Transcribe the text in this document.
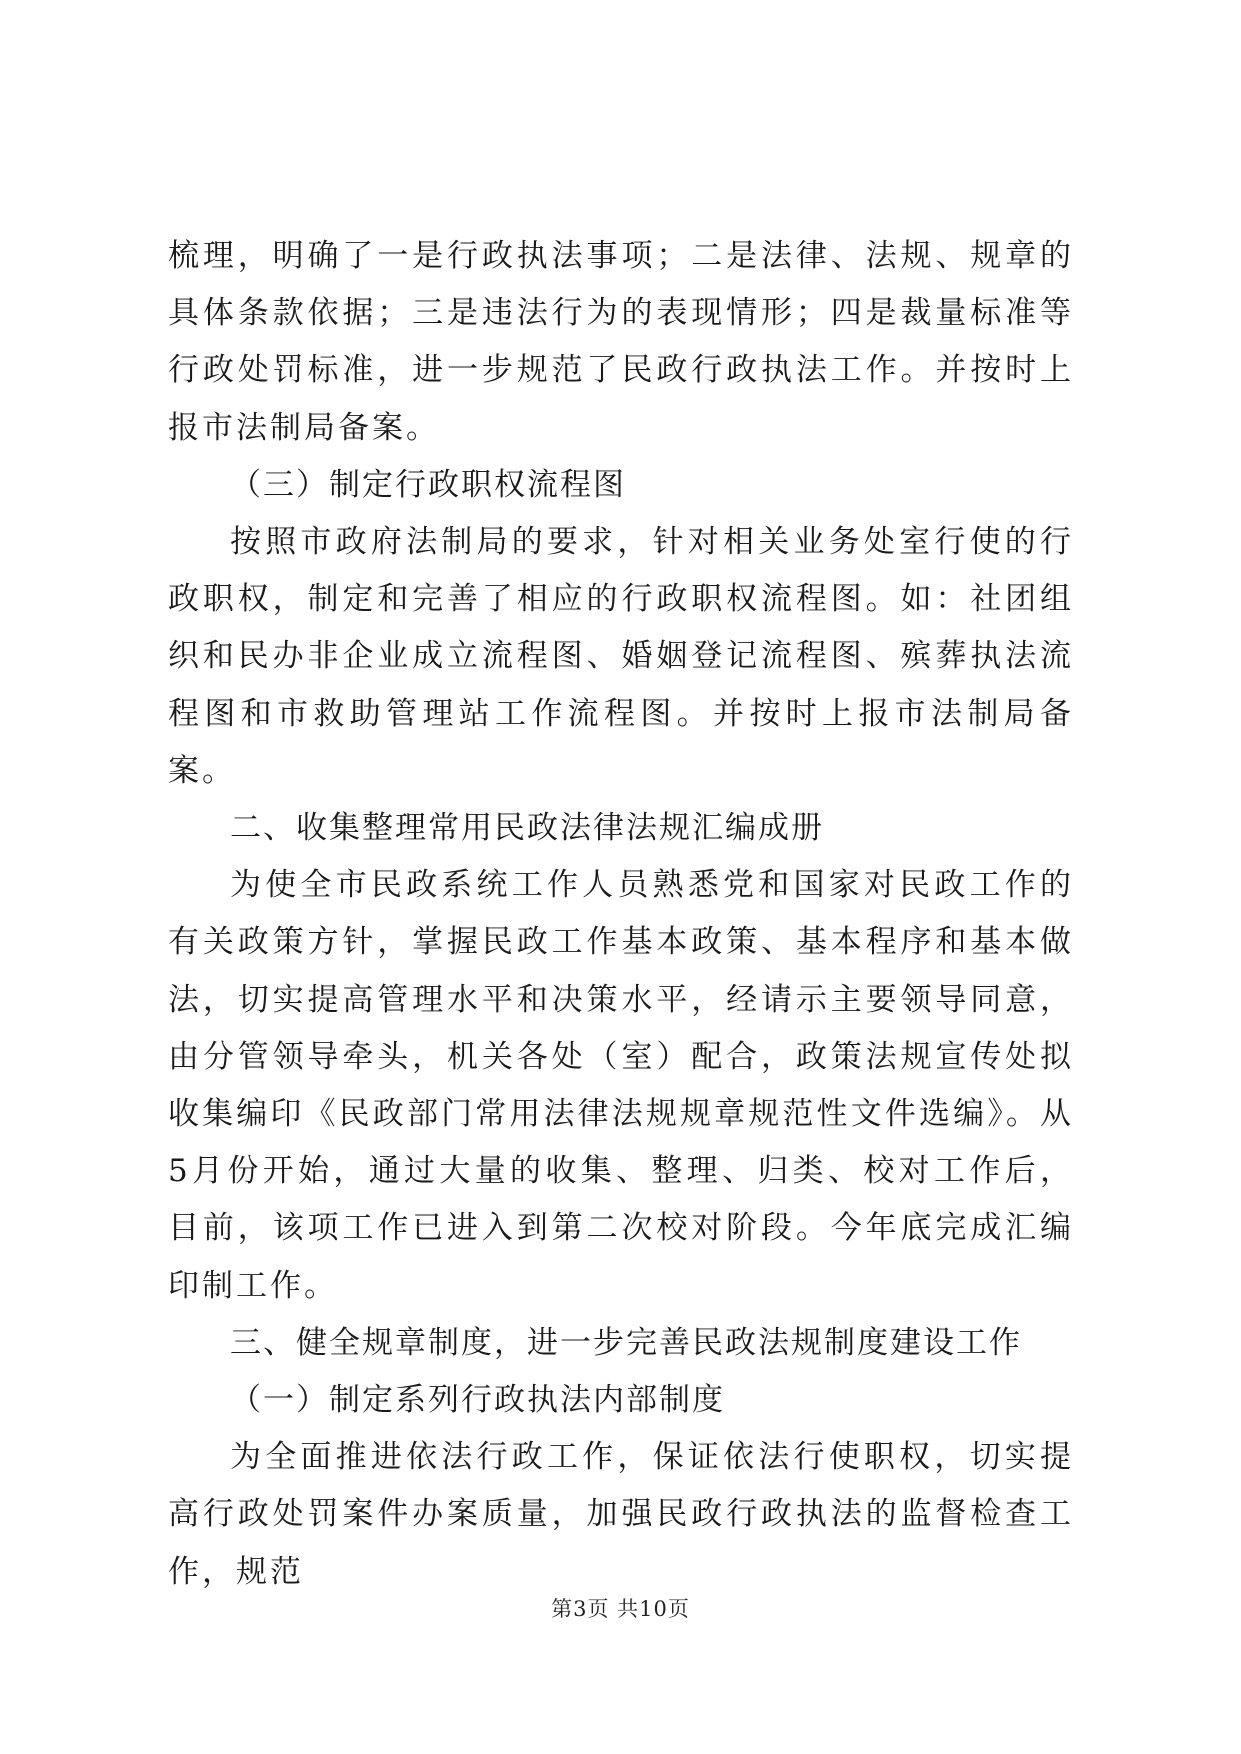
梳理，明确了一是行政执法事项；二是法律、法规、规章的具体条款依据；三是违法行为的表现情形；四是裁量标准等行政处罚标准，进一步规范了民政行政执法工作。并按时上报市法制局备案。

（三）制定行政职权流程图

按照市政府法制局的要求，针对相关业务处室行使的行政职权，制定和完善了相应的行政职权流程图。如：社团组织和民办非企业成立流程图、婚姻登记流程图、殡葬执法流程图和市救助管理站工作流程图。并按时上报市法制局备案。

二、收集整理常用民政法律法规汇编成册

为使全市民政系统工作人员熟悉党和国家对民政工作的有关政策方针，掌握民政工作基本政策、基本程序和基本做法，切实提高管理水平和决策水平，经请示主要领导同意，由分管领导牵头，机关各处（室）配合，政策法规宣传处拟收集编印《民政部门常用法律法规规章规范性文件选编》。从5月份开始，通过大量的收集、整理、归类、校对工作后，目前，该项工作已进入到第二次校对阶段。今年底完成汇编印制工作。

三、健全规章制度，进一步完善民政法规制度建设工作

（一）制定系列行政执法内部制度

为全面推进依法行政工作，保证依法行使职权，切实提高行政处罚案件办案质量，加强民政行政执法的监督检查工作，规范

第3页 共10页
